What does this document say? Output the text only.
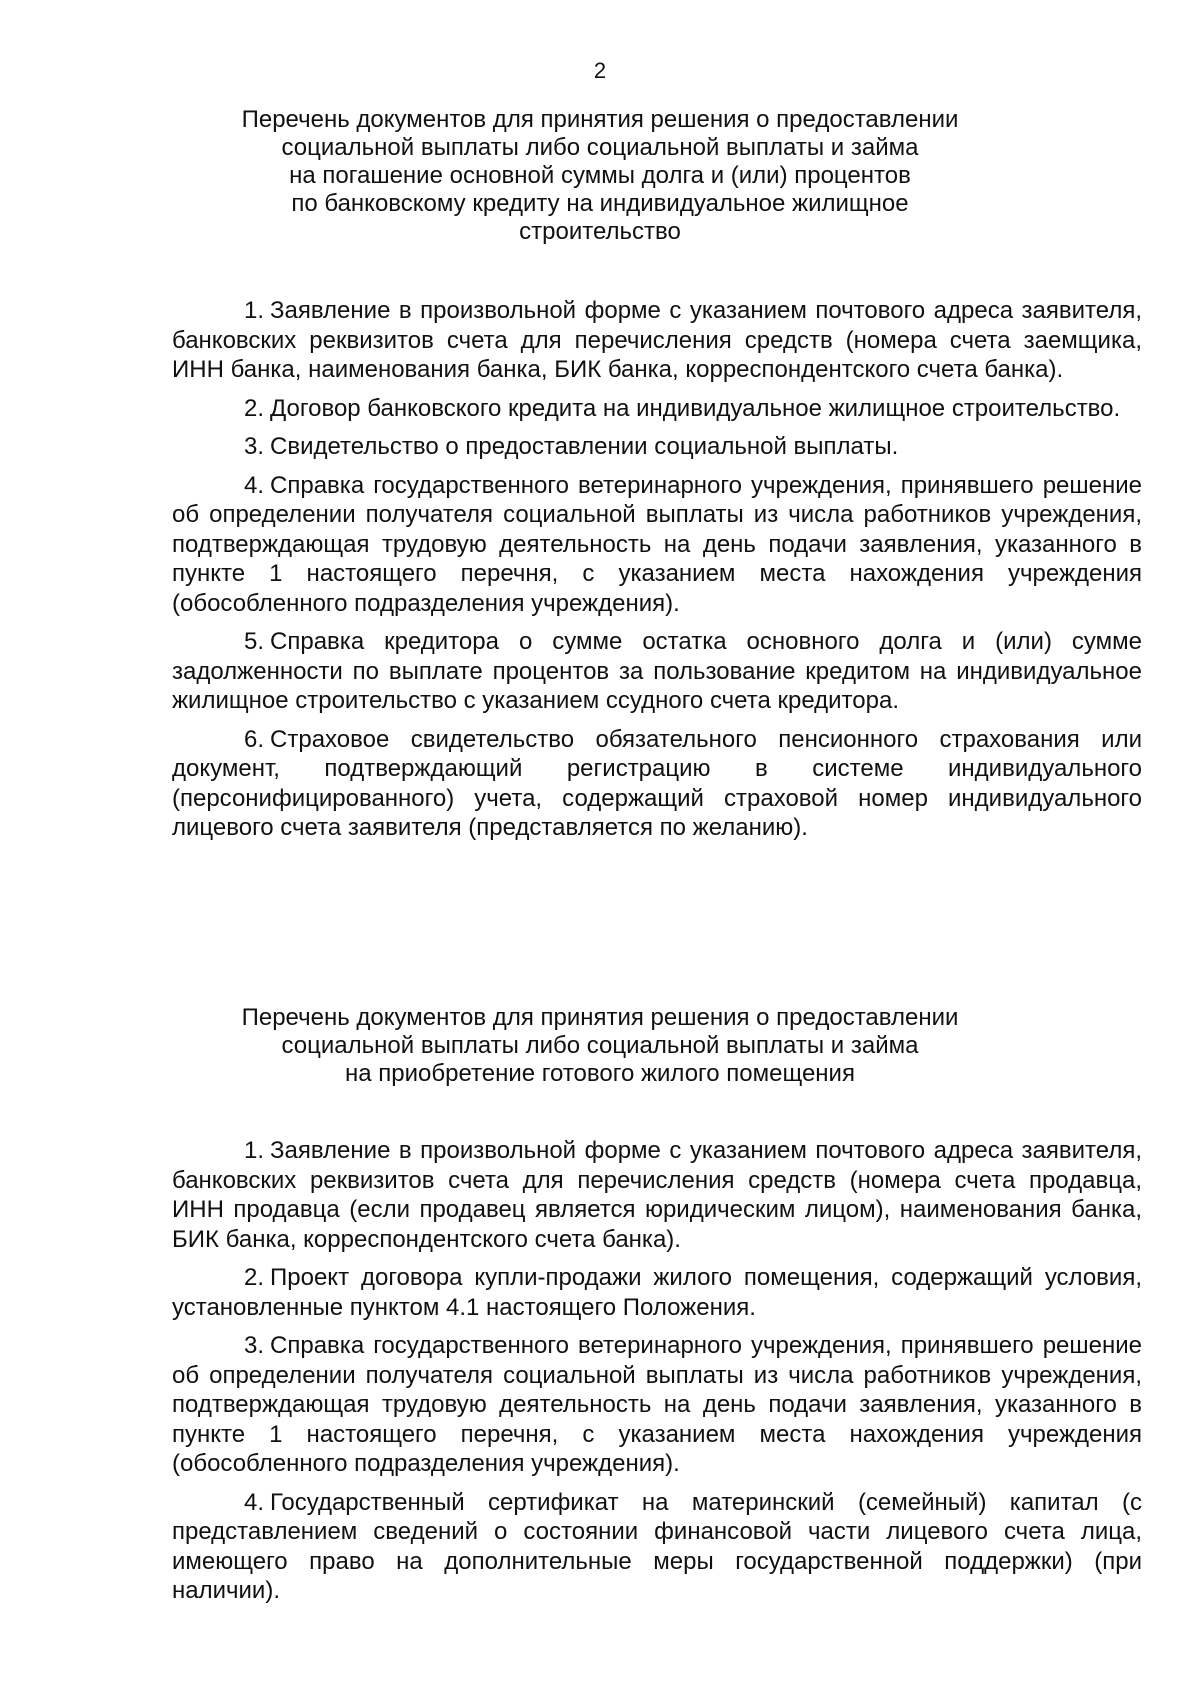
2
Перечень документов для принятия решения о предоставлении
социальной выплаты либо социальной выплаты и займа
на погашение основной суммы долга и (или) процентов
по банковскому кредиту на индивидуальное жилищное
строительство

1. Заявление в произвольной форме с указанием почтового адреса заявителя, банковских реквизитов счета для перечисления средств (номера счета заемщика, ИНН банка, наименования банка, БИК банка, корреспондентского счета банка).

2. Договор банковского кредита на индивидуальное жилищное строительство.

3. Свидетельство о предоставлении социальной выплаты.

4. Справка государственного ветеринарного учреждения, принявшего решение об определении получателя социальной выплаты из числа работников учреждения, подтверждающая трудовую деятельность на день подачи заявления, указанного в пункте 1 настоящего перечня, с указанием места нахождения учреждения (обособленного подразделения учреждения).

5. Справка кредитора о сумме остатка основного долга и (или) сумме задолженности по выплате процентов за пользование кредитом на индивидуальное жилищное строительство с указанием ссудного счета кредитора.

6. Страховое свидетельство обязательного пенсионного страхования или документ, подтверждающий регистрацию в системе индивидуального (персонифицированного) учета, содержащий страховой номер индивидуального лицевого счета заявителя (представляется по желанию).

Перечень документов для принятия решения о предоставлении
социальной выплаты либо социальной выплаты и займа
на приобретение готового жилого помещения

1. Заявление в произвольной форме с указанием почтового адреса заявителя, банковских реквизитов счета для перечисления средств (номера счета продавца, ИНН продавца (если продавец является юридическим лицом), наименования банка, БИК банка, корреспондентского счета банка).

2. Проект договора купли-продажи жилого помещения, содержащий условия, установленные пунктом 4.1 настоящего Положения.

3. Справка государственного ветеринарного учреждения, принявшего решение об определении получателя социальной выплаты из числа работников учреждения, подтверждающая трудовую деятельность на день подачи заявления, указанного в пункте 1 настоящего перечня, с указанием места нахождения учреждения (обособленного подразделения учреждения).

4. Государственный сертификат на материнский (семейный) капитал (с представлением сведений о состоянии финансовой части лицевого счета лица, имеющего право на дополнительные меры государственной поддержки) (при наличии).
